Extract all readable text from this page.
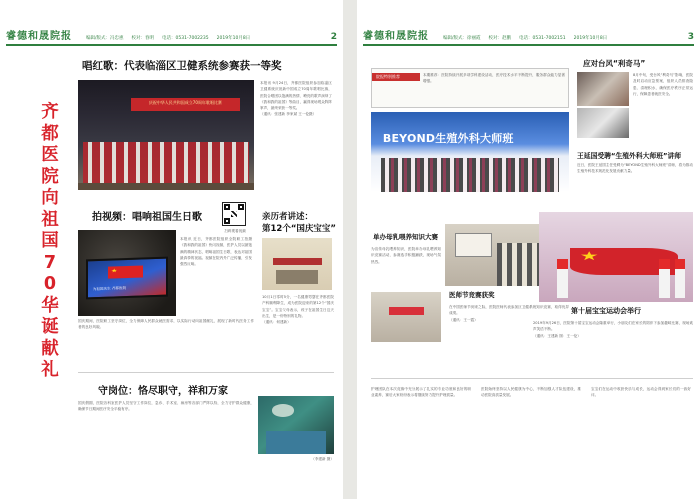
睿德和晟院报	编辑/版式：冯忠惠 校对：春明 电话：0531-7002235 2019年10月8日	2
唱红歌：代表临淄区卫健系统参赛获一等奖
齐
都
医
院
向
祖
国
7
0
华
诞
献
礼
庆祝中华人民共和国成立70周年歌唱比赛
本报讯 9月24日，齐都医院组织参加临淄区卫健系统庆祝新中国成立70周年歌唱比赛，医院合唱团以饱满的热情、嘹亮的歌声演绎了《我和我的祖国》等曲目，赢得现场观众阵阵掌声，最终荣获一等奖。
（通讯：张建新 李家斌 王一伦摄）
拍视频：唱响祖国生日歌
扫码观看视频
为祖国庆生 齐都医院
本报讯 近日，齐都医院组织全院职工拍摄《我和我的祖国》快闪视频，医护人员以最饱满的精神状态，唱响祖国生日歌，表达对祖国最真挚的祝福。视频在院内外广泛传播，引发强烈反响。
国庆期间，医院职工坚守岗位，全力保障人民群众就医需求，以实际行动向祖国献礼，展现了新时代医务工作者的良好风貌。
亲历者讲述：
第12个“国庆宝宝”
10月1日零时5分，一名健康男婴在齐都医院产科顺利降生，成为医院迎来的第12个“国庆宝宝”。宝宝父母表示，孩子在祖国生日这天出生，是一份特别的礼物。
（通讯：何建新）
守岗位：恪尽职守，祥和万家
国庆假期，医院各科室医护人员坚守工作岗位，急诊、手术室、病房等各部门严阵以待，全力守护群众健康，确保节日期间医疗安全平稳有序。
（李建新 摄）
睿德和晟院报	编辑/版式：徐丽霞 校对：赵鹏 电话：0531-7002151 2019年10月8日	3
院报特别推荐	本期推荐：医院持续开展多项学科建设活动，医疗技术水平不断提升，服务群众能力显著增强。
BEYOND生殖外科大师班
应对台风“利奇马”
8月中旬，受台风“利奇马”影响，医院及时启动应急预案，组织人员排查隐患、清理积水，确保医疗秩序正常运行，保障患者就医安全。
王延国受聘“生殖外科大师班”讲师
近日，医院王延国主任受聘为“BEYOND生殖外科大师班”讲师，将为推动生殖外科技术规范化发展贡献力量。
单办母乳喂养知识大赛
为宣传母乳喂养知识，医院举办母乳喂养知识竞赛活动，参赛选手积极踊跃，现场气氛热烈。
医师节竞赛获奖
在中国医师节到来之际，医院医师代表参加区卫健系统知识竞赛，取得优异成绩。
（通讯：王一霞）
第十届宝宝运动会举行
2019年9月26日，医院第十届宝宝运动会隆重举行，小朋友们在家长的陪伴下参加趣味比赛，现场欢声笑语不断。
（通讯：王建新 图：王一伦）
护理团队在本次竞赛中充分展示了扎实的专业功底和良好的职业素养，赛后大家纷纷表示将继续努力提升护理质量。
医院始终坚持以人民健康为中心，不断加强人才队伍建设，推动医院高质量发展。
宝宝们在运动中收获快乐与成长，运动会得到家长们的一致好评。
